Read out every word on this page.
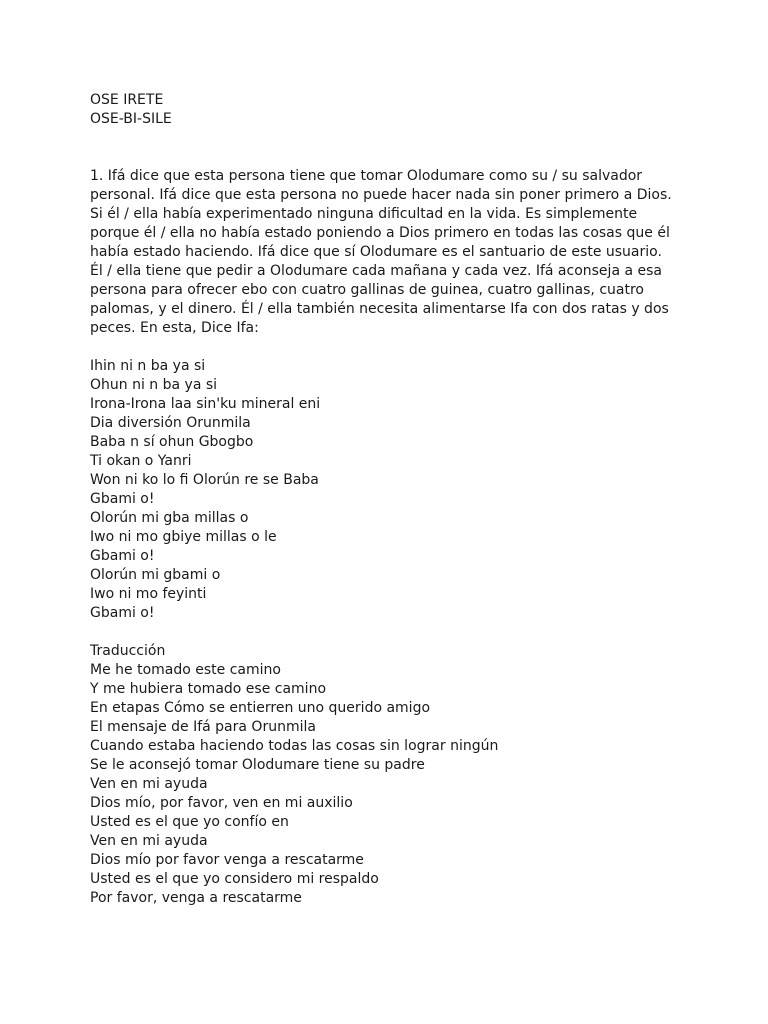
OSE IRETE
OSE-BI-SILE
1. Ifá dice que esta persona tiene que tomar Olodumare como su / su salvador
personal. Ifá dice que esta persona no puede hacer nada sin poner primero a Dios.
Si él / ella había experimentado ninguna dificultad en la vida. Es simplemente
porque él / ella no había estado poniendo a Dios primero en todas las cosas que él
había estado haciendo. Ifá dice que sí Olodumare es el santuario de este usuario.
Él / ella tiene que pedir a Olodumare cada mañana y cada vez. Ifá aconseja a esa
persona para ofrecer ebo con cuatro gallinas de guinea, cuatro gallinas, cuatro
palomas, y el dinero. Él / ella también necesita alimentarse Ifa con dos ratas y dos
peces. En esta, Dice Ifa:
Ihin ni n ba ya si
Ohun ni n ba ya si
Irona-Irona laa sin'ku mineral eni
Dia diversión Orunmila
Baba n sí ohun Gbogbo
Ti okan o Yanri
Won ni ko lo fi Olorún re se Baba
Gbami o!
Olorún mi gba millas o
Iwo ni mo gbiye millas o le
Gbami o!
Olorún mi gbami o
Iwo ni mo feyinti
Gbami o!
Traducción
Me he tomado este camino
Y me hubiera tomado ese camino
En etapas Cómo se entierren uno querido amigo
El mensaje de Ifá para Orunmila
Cuando estaba haciendo todas las cosas sin lograr ningún
Se le aconsejó tomar Olodumare tiene su padre
Ven en mi ayuda
Dios mío, por favor, ven en mi auxilio
Usted es el que yo confío en
Ven en mi ayuda
Dios mío por favor venga a rescatarme
Usted es el que yo considero mi respaldo
Por favor, venga a rescatarme
